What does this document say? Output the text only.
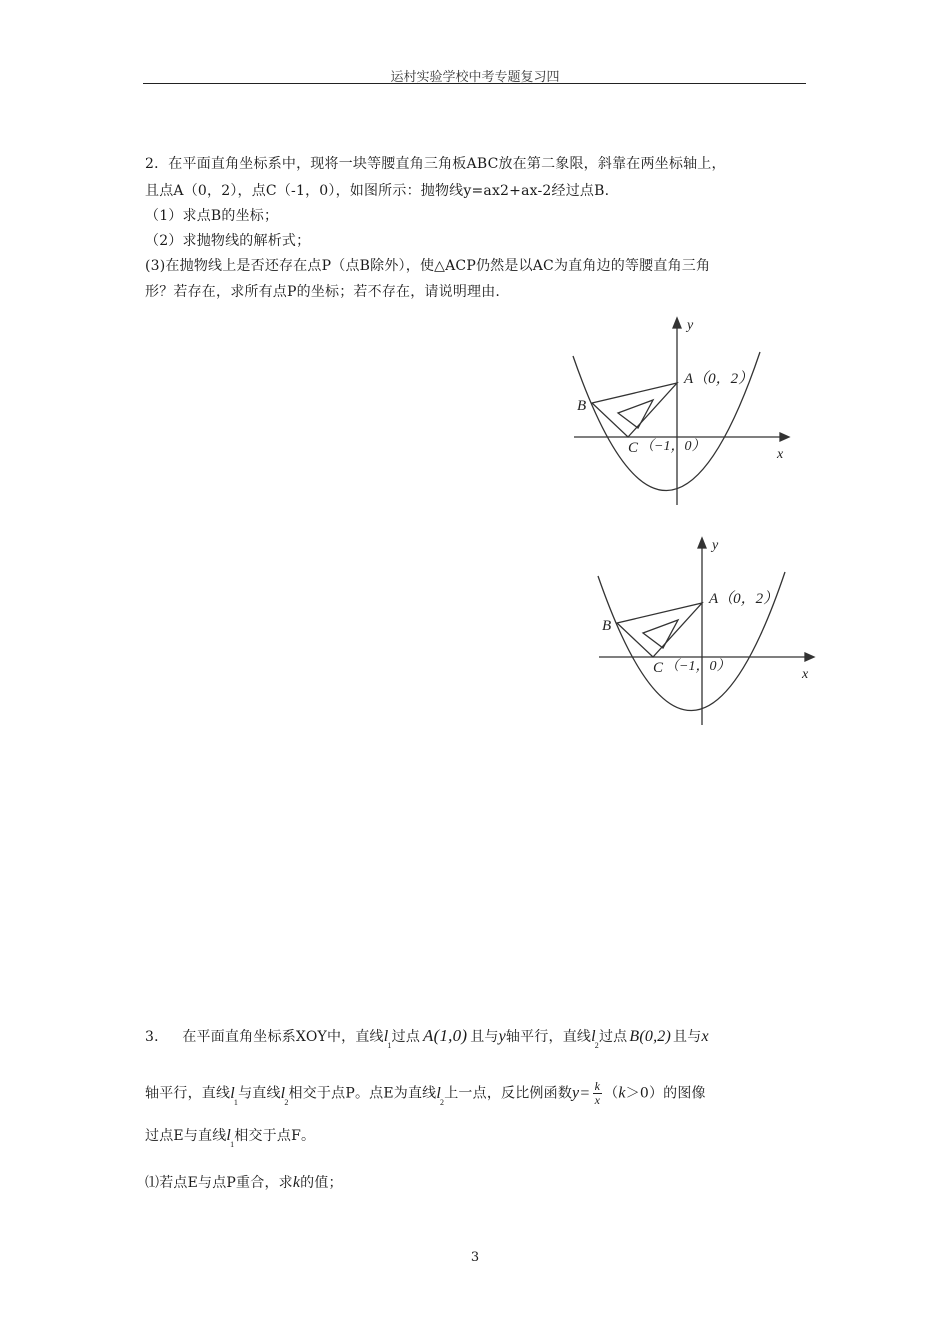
运村实验学校中考专题复习四
2．在平面直角坐标系中，现将一块等腰直角三角板ABC放在第二象限，斜靠在两坐标轴上，
且点A（0，2），点C（-1，0），如图所示：抛物线y=ax2+ax-2经过点B.
（1）求点B的坐标；
（2）求抛物线的解析式；
(3)在抛物线上是否还存在点P（点B除外），使△ACP仍然是以AC为直角边的等腰直角三角
形？若存在，求所有点P的坐标；若不存在，请说明理由.
A（0，2）
B
C （−1，0）
y
x
A（0，2）
B
C （−1，0）
y
x
3． 在平面直角坐标系XOY中，直线$l_1$过点 A(1,0) 且与y轴平行，直线$l_2$过点 B(0,2) 且与x
轴平行，直线$l_1$与直线$l_2$相交于点P。点E为直线$l_2$上一点，反比例函数$y= \frac{k}{x} (k>0)$的图像
过点E与直线$l_1$相交于点F。
⑴若点E与点P重合，求k的值；
3
